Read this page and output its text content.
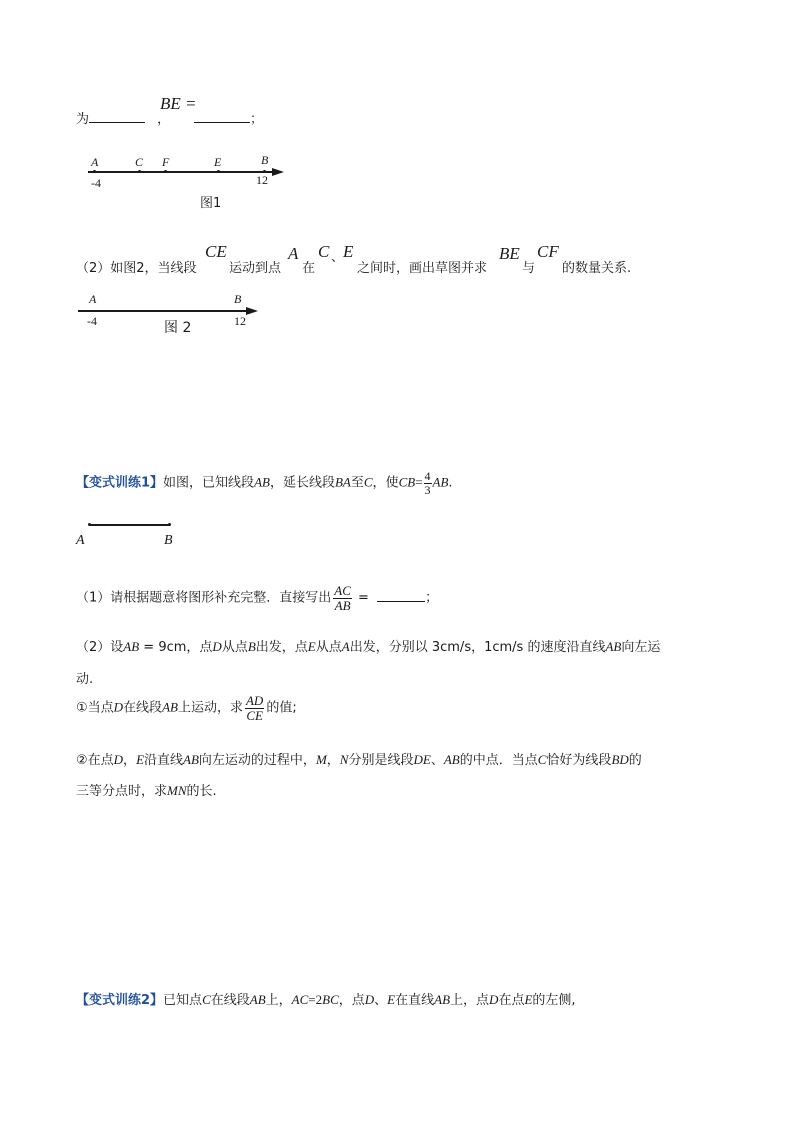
为	，
BE =
；
A	C F	E	B
-4	12
图1
（2）如图2，当线段
CE
运动到点
A
在
C 、
E
之间时，画出草图并求
BE
与
CF
的数量关系.
A	B
-4	12
图 2
【变式训练1】如图，已知线段AB，延长线段BA至C，使$CB= \frac{4}{3}$ AB.
A	B
（1）请根据题意将图形补充完整．直接写出 $\frac{AC}{AB}$ =	；
（2）设AB = 9cm，点D从点B出发，点E从点A出发，分别以 3cm/s，1cm/s 的速度沿直线AB向左运
动.
①当点D在线段AB上运动，求 $\frac{AD}{CE}$ 的值;
②在点D，E沿直线AB向左运动的过程中，M，N分别是线段DE、AB的中点．当点C恰好为线段BD的
三等分点时，求MN的长.
【变式训练2】已知点C在线段AB上，AC=2BC，点D、E在直线AB上，点D在点E的左侧,
